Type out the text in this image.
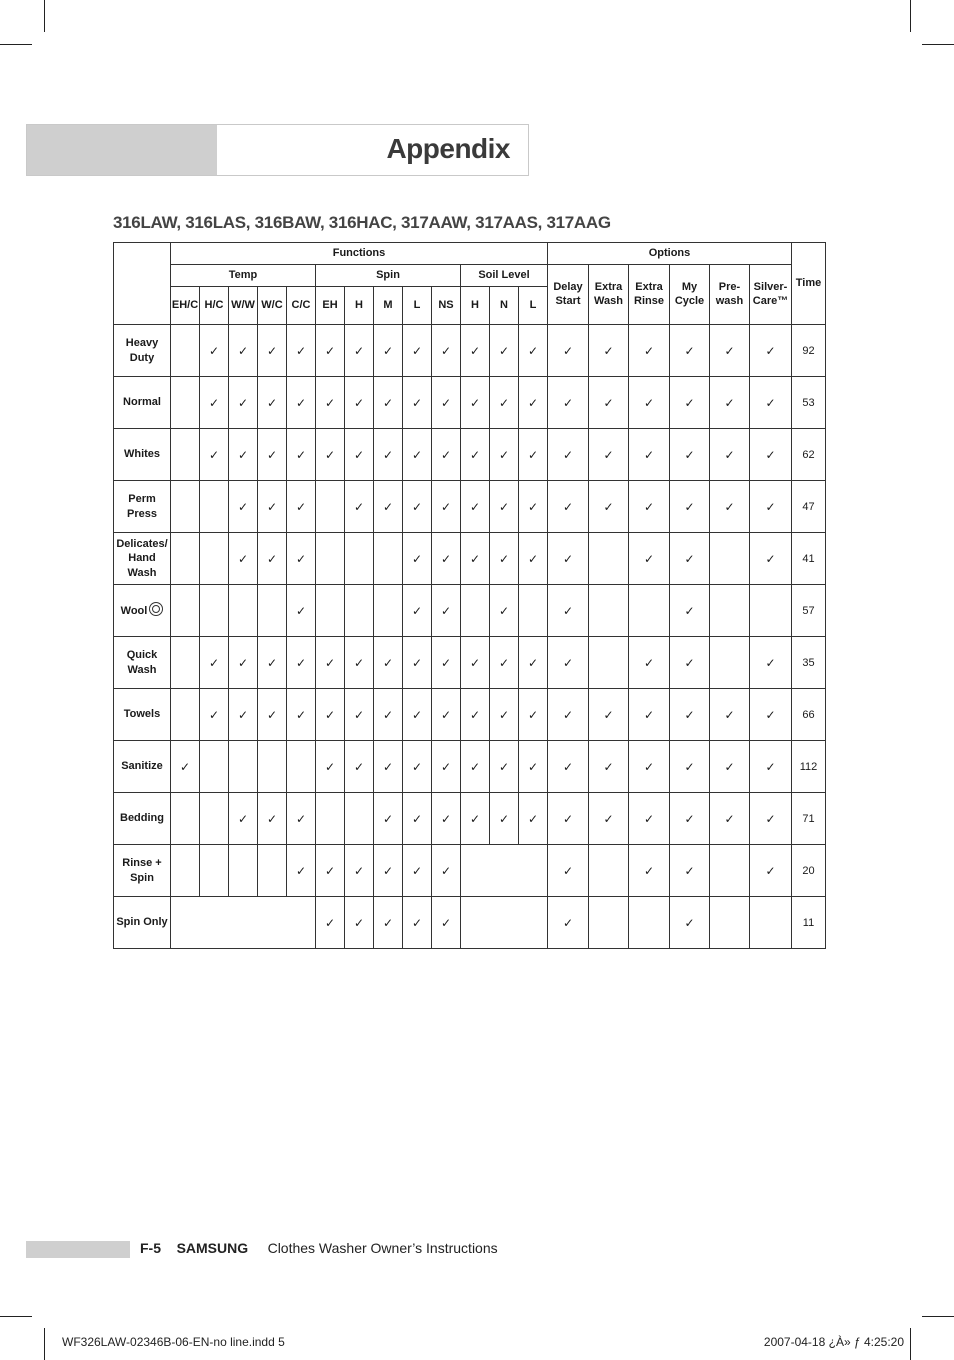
Appendix
316LAW, 316LAS, 316BAW, 316HAC, 317AAW, 317AAS, 317AAG
	Functions													Options						Time
	Temp					Spin					Soil Level			Delay Start	Extra Wash	Extra Rinse	My Cycle	Pre-wash	Silver-Care™	
	EH/C	H/C	W/W	W/C	C/C	EH	H	M	L	NS	H	N	L							
Heavy Duty		✓	✓	✓	✓	✓	✓	✓	✓	✓	✓	✓	✓	✓	✓	✓	✓	✓	✓	92
Normal		✓	✓	✓	✓	✓	✓	✓	✓	✓	✓	✓	✓	✓	✓	✓	✓	✓	✓	53
Whites		✓	✓	✓	✓	✓	✓	✓	✓	✓	✓	✓	✓	✓	✓	✓	✓	✓	✓	62
Perm Press			✓	✓	✓		✓	✓	✓	✓	✓	✓	✓	✓	✓	✓	✓	✓	✓	47
Delicates/ Hand Wash			✓	✓	✓				✓	✓	✓	✓	✓	✓		✓	✓		✓	41
Wool					✓				✓	✓		✓		✓			✓			57
Quick Wash		✓	✓	✓	✓	✓	✓	✓	✓	✓	✓	✓	✓	✓		✓	✓		✓	35
Towels		✓	✓	✓	✓	✓	✓	✓	✓	✓	✓	✓	✓	✓	✓	✓	✓	✓	✓	66
Sanitize	✓					✓	✓	✓	✓	✓	✓	✓	✓	✓	✓	✓	✓	✓	✓	112
Bedding			✓	✓	✓			✓	✓	✓	✓	✓	✓	✓	✓	✓	✓	✓	✓	71
Rinse + Spin					✓	✓	✓	✓	✓	✓				✓		✓	✓		✓	20
Spin Only						✓	✓	✓	✓	✓				✓			✓			11
F-5 SAMSUNG Clothes Washer Owner’s Instructions
WF326LAW-02346B-06-EN-no line.indd 5	2007-04-18 ¿À» ƒ 4:25:20
